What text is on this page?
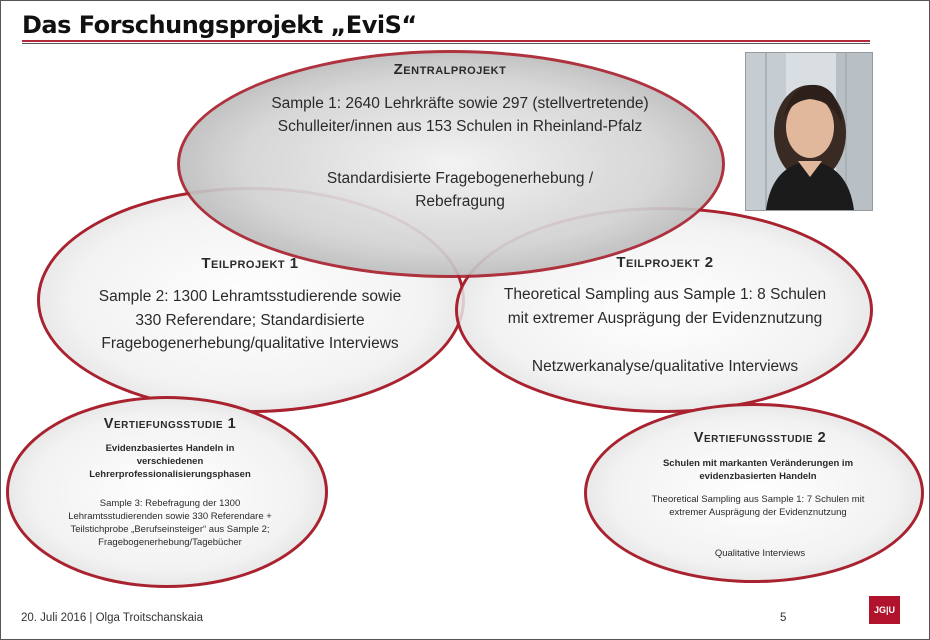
Das Forschungsprojekt „EviS“
Zentralprojekt
Sample 1: 2640 Lehrkräfte sowie 297 (stellvertretende) Schulleiter/innen aus 153 Schulen in Rheinland-Pfalz
Standardisierte Fragebogenerhebung / Rebefragung
Teilprojekt 1
Sample 2: 1300 Lehramtsstudierende sowie 330 Referendare; Standardisierte Fragebogenerhebung/qualitative Interviews
Teilprojekt 2
Theoretical Sampling aus Sample 1: 8 Schulen mit extremer Ausprägung der Evidenznutzung
Netzwerkanalyse/qualitative Interviews
Vertiefungsstudie 1
Evidenzbasiertes Handeln in verschiedenen Lehrerprofessionalisierungsphasen
Sample 3: Rebefragung der 1300 Lehramtsstudierenden sowie 330 Referendare + Teilstichprobe „Berufseinsteiger“ aus Sample 2; Fragebogenerhebung/Tagebücher
Vertiefungsstudie 2
Schulen mit markanten Veränderungen im evidenzbasierten Handeln
Theoretical Sampling aus Sample 1: 7 Schulen mit extremer Ausprägung der Evidenznutzung
Qualitative Interviews
20. Juli 2016 | Olga Troitschanskaia	5
JG|U
